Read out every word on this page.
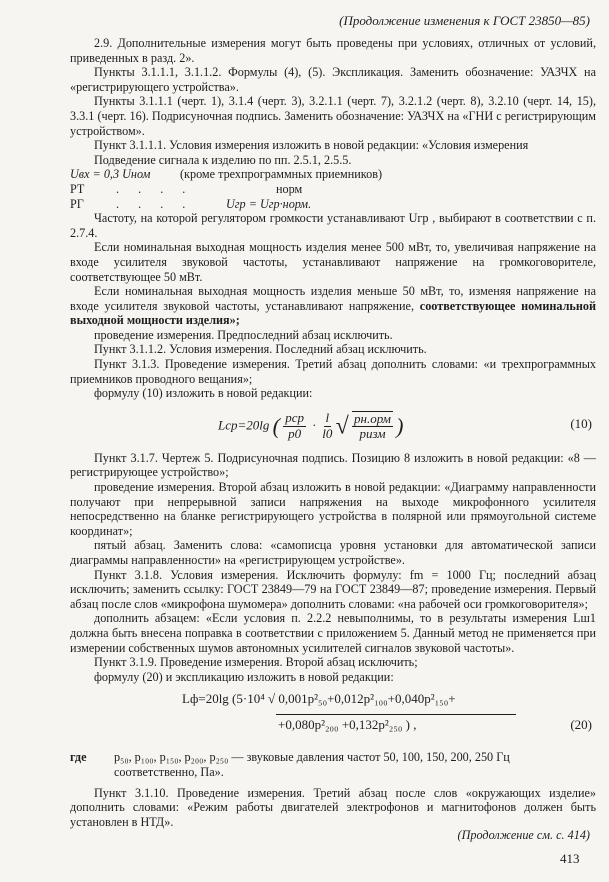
(Продолжение изменения к ГОСТ 23850—85)

2.9. Дополнительные измерения могут быть проведены при условиях, отличных от условий, приведенных в разд. 2».

Пункты 3.1.1.1, 3.1.1.2. Формулы (4), (5). Экспликация. Заменить обозначение: УАЗЧХ на «регистрирующего устройства».

Пункты 3.1.1.1 (черт. 1), 3.1.4 (черт. 3), 3.2.1.1 (черт. 7), 3.2.1.2 (черт. 8), 3.2.10 (черт. 14, 15), 3.3.1 (черт. 16). Подрисуночная подпись. Заменить обозначение: УАЗЧХ на «ГНИ с регистрирующим устройством».

Пункт 3.1.1.1. Условия измерения изложить в новой редакции: «Условия измерения

Подведение сигнала к изделию по пп. 2.5.1, 2.5.5.

Uвх = 0,3 Uном	(кроме трехпрограммных приемников)
РТ	. . . .	норм
РГ	. . . .	Uгр = Uгр·норм.

Частоту, на которой регулятором громкости устанавливают Uгр , выбирают в соответствии с п. 2.7.4.

Если номинальная выходная мощность изделия менее 500 мВт, то, увеличивая напряжение на входе усилителя звуковой частоты, устанавливают напряжение на громкоговорителе, соответствующее 50 мВт.

Если номинальная выходная мощность изделия меньше 50 мВт, то, изменяя напряжение на входе усилителя звуковой частоты, устанавливают напряжение, соответствующее номинальной выходной мощности изделия»;

проведение измерения. Предпоследний абзац исключить.

Пункт 3.1.1.2. Условия измерения. Последний абзац исключить.

Пункт 3.1.3. Проведение измерения. Третий абзац дополнить словами: «и трехпрограммных приемников проводного вещания»;

формулу (10) изложить в новой редакции:

Lср=20lg ( $\frac{\text{pср}}{p0} \cdot \frac{l}{l0}$ √ $\frac{\text{pн.орм}}{\text{pизм}}$ )	(10)

Пункт 3.1.7. Чертеж 5. Подрисуночная подпись. Позицию 8 изложить в новой редакции: «8 — регистрирующее устройство»;

проведение измерения. Второй абзац изложить в новой редакции: «Диаграмму направленности получают при непрерывной записи напряжения на выходе микрофонного усилителя непосредственно на бланке регистрирующего устройства в полярной или прямоугольной системе координат»;

пятый абзац. Заменить слова: «самописца уровня установки для автоматической записи диаграммы направленности» на «регистрирующем устройстве».

Пункт 3.1.8. Условия измерения. Исключить формулу: fm = 1000 Гц; последний абзац исключить; заменить ссылку: ГОСТ 23849—79 на ГОСТ 23849—87; проведение измерения. Первый абзац после слов «микрофона шумомера» дополнить словами: «на рабочей оси громкоговорителя»;

дополнить абзацем: «Если условия п. 2.2.2 невыполнимы, то в результаты измерения Lш1 должна быть внесена поправка в соответствии с приложением 5. Данный метод не применяется при измерении собственных шумов автономных усилителей сигналов звуковой частоты».

Пункт 3.1.9. Проведение измерения. Второй абзац исключить;

формулу (20) и экспликацию изложить в новой редакции:

Lф=20lg (5·10⁴ √ 0,001p²₅₀+0,012p²₁₀₀+0,040p²₁₅₀+
+0,080p²₂₀₀ +0,132p²₂₅₀ ) ,	(20)
где	p₅₀, p₁₀₀, p₁₅₀, p₂₀₀, p₂₅₀ — звуковые давления частот 50, 100, 150, 200, 250 Гц соответственно, Па».

Пункт 3.1.10. Проведение измерения. Третий абзац после слов «окружающих изделие» дополнить словами: «Режим работы двигателей электрофонов и магнитофонов должен быть установлен в НТД».

(Продолжение см. с. 414)
413
